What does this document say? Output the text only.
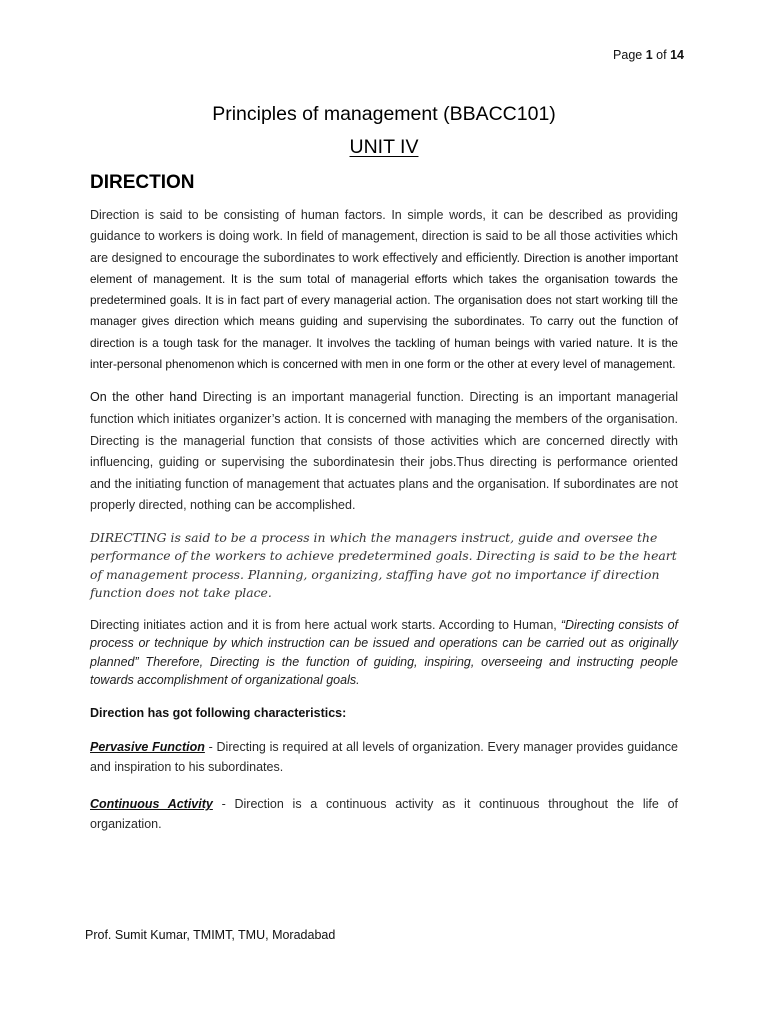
Page 1 of 14
Principles of management (BBACC101)
UNIT IV
DIRECTION

Direction is said to be consisting of human factors. In simple words, it can be described as providing guidance to workers is doing work. In field of management, direction is said to be all those activities which are designed to encourage the subordinates to work effectively and efficiently. Direction is another important element of management. It is the sum total of managerial efforts which takes the organisation towards the predetermined goals. It is in fact part of every managerial action. The organisation does not start working till the manager gives direction which means guiding and supervising the subordinates. To carry out the function of direction is a tough task for the manager. It involves the tackling of human beings with varied nature. It is the inter-personal phenomenon which is concerned with men in one form or the other at every level of management.

On the other hand Directing is an important managerial function. Directing is an important managerial function which initiates organizer’s action. It is concerned with managing the members of the organisation. Directing is the managerial function that consists of those activities which are concerned directly with influencing, guiding or supervising the subordinatesin their jobs.Thus directing is performance oriented and the initiating function of management that actuates plans and the organisation. If subordinates are not properly directed, nothing can be accomplished.

DIRECTING is said to be a process in which the managers instruct, guide and oversee the performance of the workers to achieve predetermined goals. Directing is said to be the heart of management process. Planning, organizing, staffing have got no importance if direction function does not take place.

Directing initiates action and it is from here actual work starts. According to Human, “Directing consists of process or technique by which instruction can be issued and operations can be carried out as originally planned” Therefore, Directing is the function of guiding, inspiring, overseeing and instructing people towards accomplishment of organizational goals.

Direction has got following characteristics:

Pervasive Function - Directing is required at all levels of organization. Every manager provides guidance and inspiration to his subordinates.

Continuous Activity - Direction is a continuous activity as it continuous throughout the life of organization.

Prof. Sumit Kumar, TMIMT, TMU, Moradabad
